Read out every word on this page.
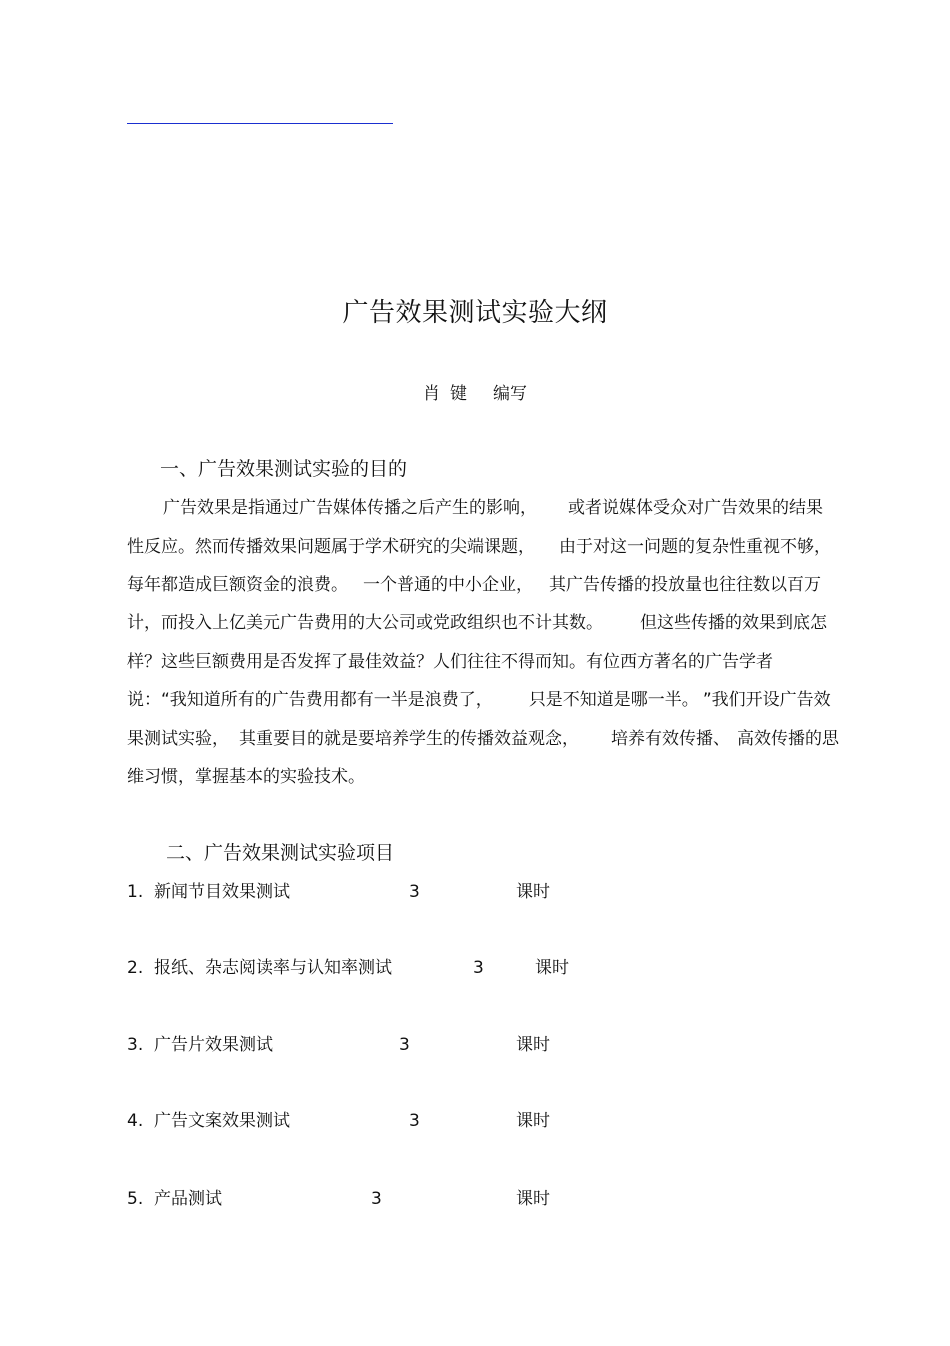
广告效果测试实验大纲
肖 键 编写
一、广告效果测试实验的目的
广告效果是指通过广告媒体传播之后产生的影响， 或者说媒体受众对广告效果的结果
性反应。然而传播效果问题属于学术研究的尖端课题， 由于对这一问题的复杂性重视不够，
每年都造成巨额资金的浪费。 一个普通的中小企业， 其广告传播的投放量也往往数以百万
计，而投入上亿美元广告费用的大公司或党政组织也不计其数。 但这些传播的效果到底怎
样？这些巨额费用是否发挥了最佳效益？人们往往不得而知。有位西方著名的广告学者
说：“我知道所有的广告费用都有一半是浪费了， 只是不知道是哪一半。 ”我们开设广告效
果测试实验， 其重要目的就是要培养学生的传播效益观念， 培养有效传播、 高效传播的思
维习惯，掌握基本的实验技术。
二、广告效果测试实验项目
1. 新闻节目效果测试	3	课时
2. 报纸、杂志阅读率与认知率测试	3	课时
3. 广告片效果测试	3	课时
4. 广告文案效果测试	3	课时
5. 产品测试	3	课时
